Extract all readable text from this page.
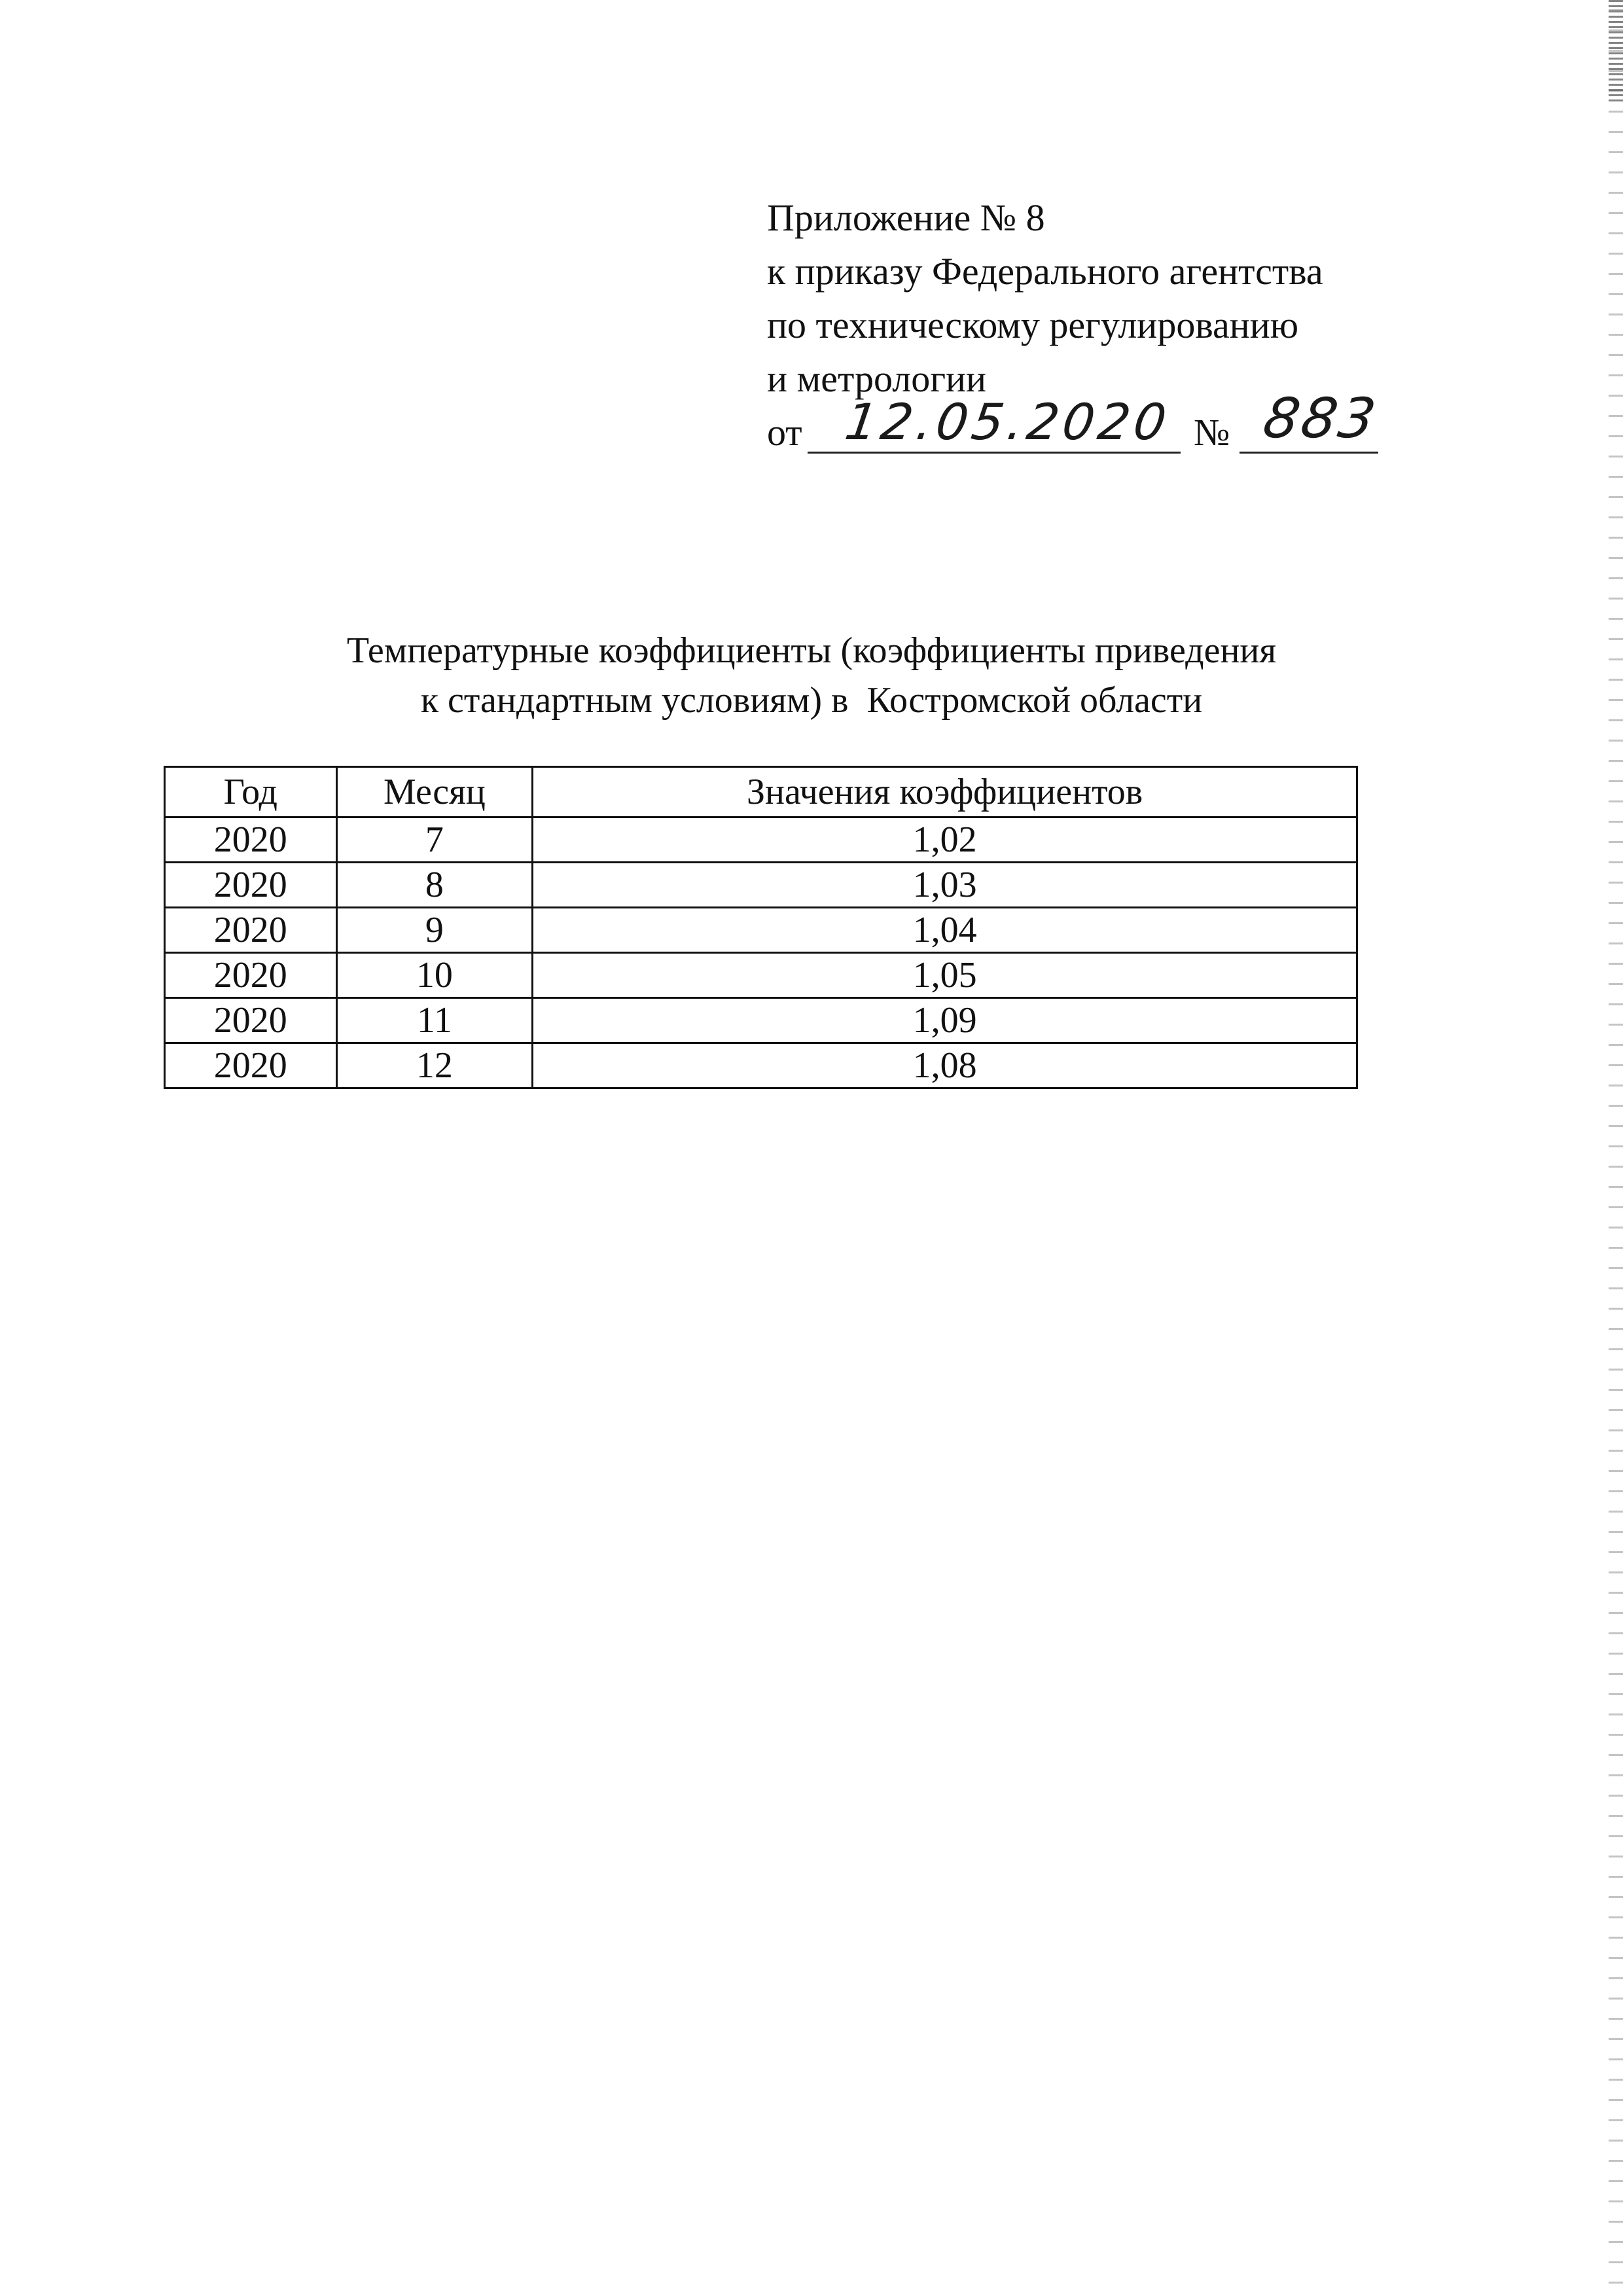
Приложение № 8
к приказу Федерального агентства
по техническому регулированию
и метрологии
от 12.05.2020 № 883
Температурные коэффициенты (коэффициенты приведения
к стандартным условиям) в  Костромской области
Год	Месяц	Значения коэффициентов
2020	7	1,02
2020	8	1,03
2020	9	1,04
2020	10	1,05
2020	11	1,09
2020	12	1,08
